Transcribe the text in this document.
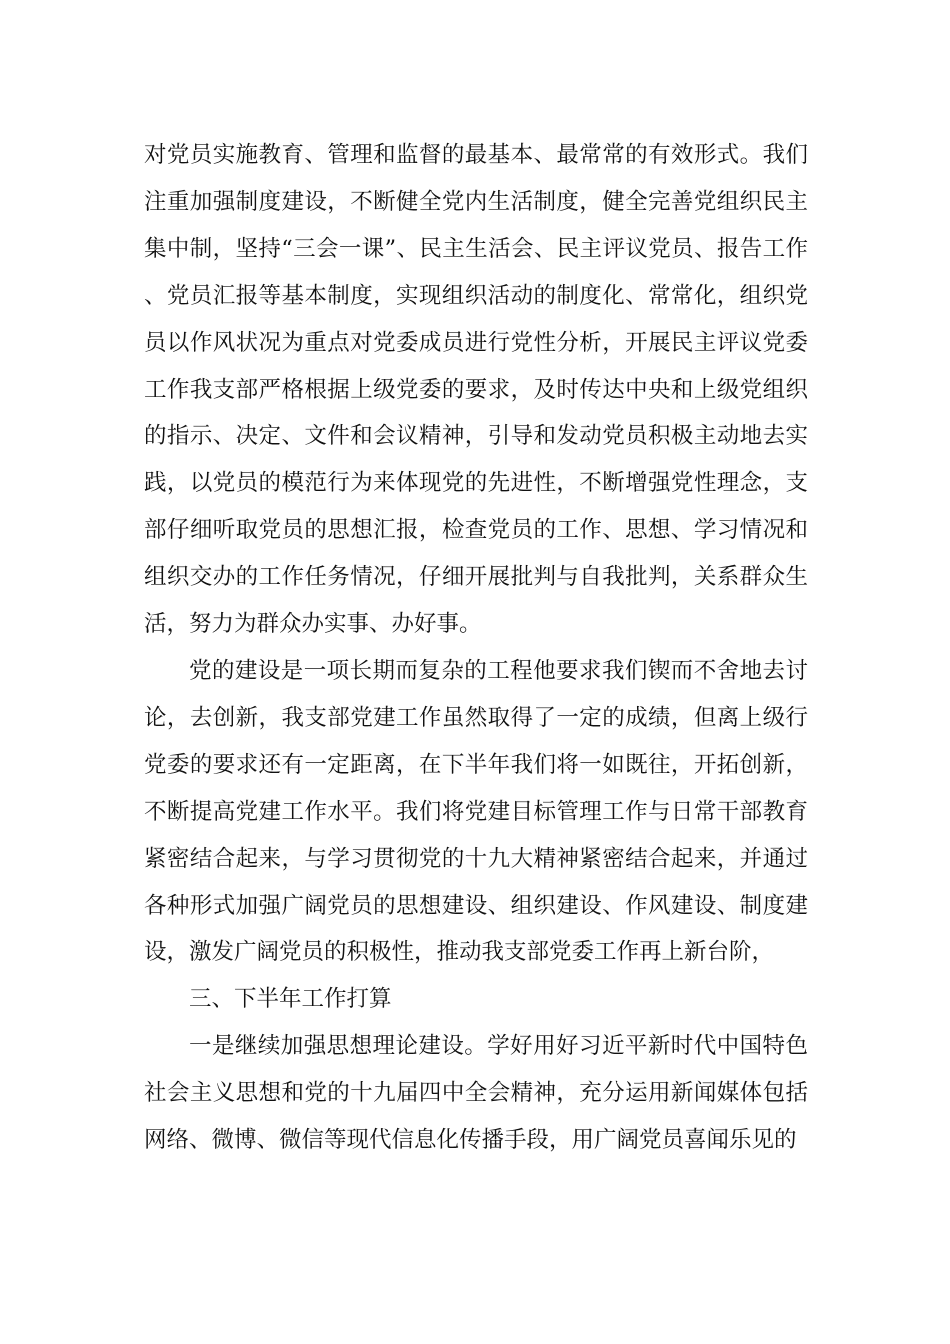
对党员实施教育、管理和监督的最基本、最常常的有效形式。我们注重加强制度建设，不断健全党内生活制度，健全完善党组织民主集中制，坚持“三会一课”、民主生活会、民主评议党员、报告工作、党员汇报等基本制度，实现组织活动的制度化、常常化，组织党员以作风状况为重点对党委成员进行党性分析，开展民主评议党委工作我支部严格根据上级党委的要求，及时传达中央和上级党组织的指示、决定、文件和会议精神，引导和发动党员积极主动地去实践，以党员的模范行为来体现党的先进性，不断增强党性理念，支部仔细听取党员的思想汇报，检查党员的工作、思想、学习情况和组织交办的工作任务情况，仔细开展批判与自我批判，关系群众生活，努力为群众办实事、办好事。

党的建设是一项长期而复杂的工程他要求我们锲而不舍地去讨论，去创新，我支部党建工作虽然取得了一定的成绩，但离上级行党委的要求还有一定距离，在下半年我们将一如既往，开拓创新，不断提高党建工作水平。我们将党建目标管理工作与日常干部教育紧密结合起来，与学习贯彻党的十九大精神紧密结合起来，并通过各种形式加强广阔党员的思想建设、组织建设、作风建设、制度建设，激发广阔党员的积极性，推动我支部党委工作再上新台阶，

三、下半年工作打算

一是继续加强思想理论建设。学好用好习近平新时代中国特色社会主义思想和党的十九届四中全会精神，充分运用新闻媒体包括网络、微博、微信等现代信息化传播手段，用广阔党员喜闻乐见的
